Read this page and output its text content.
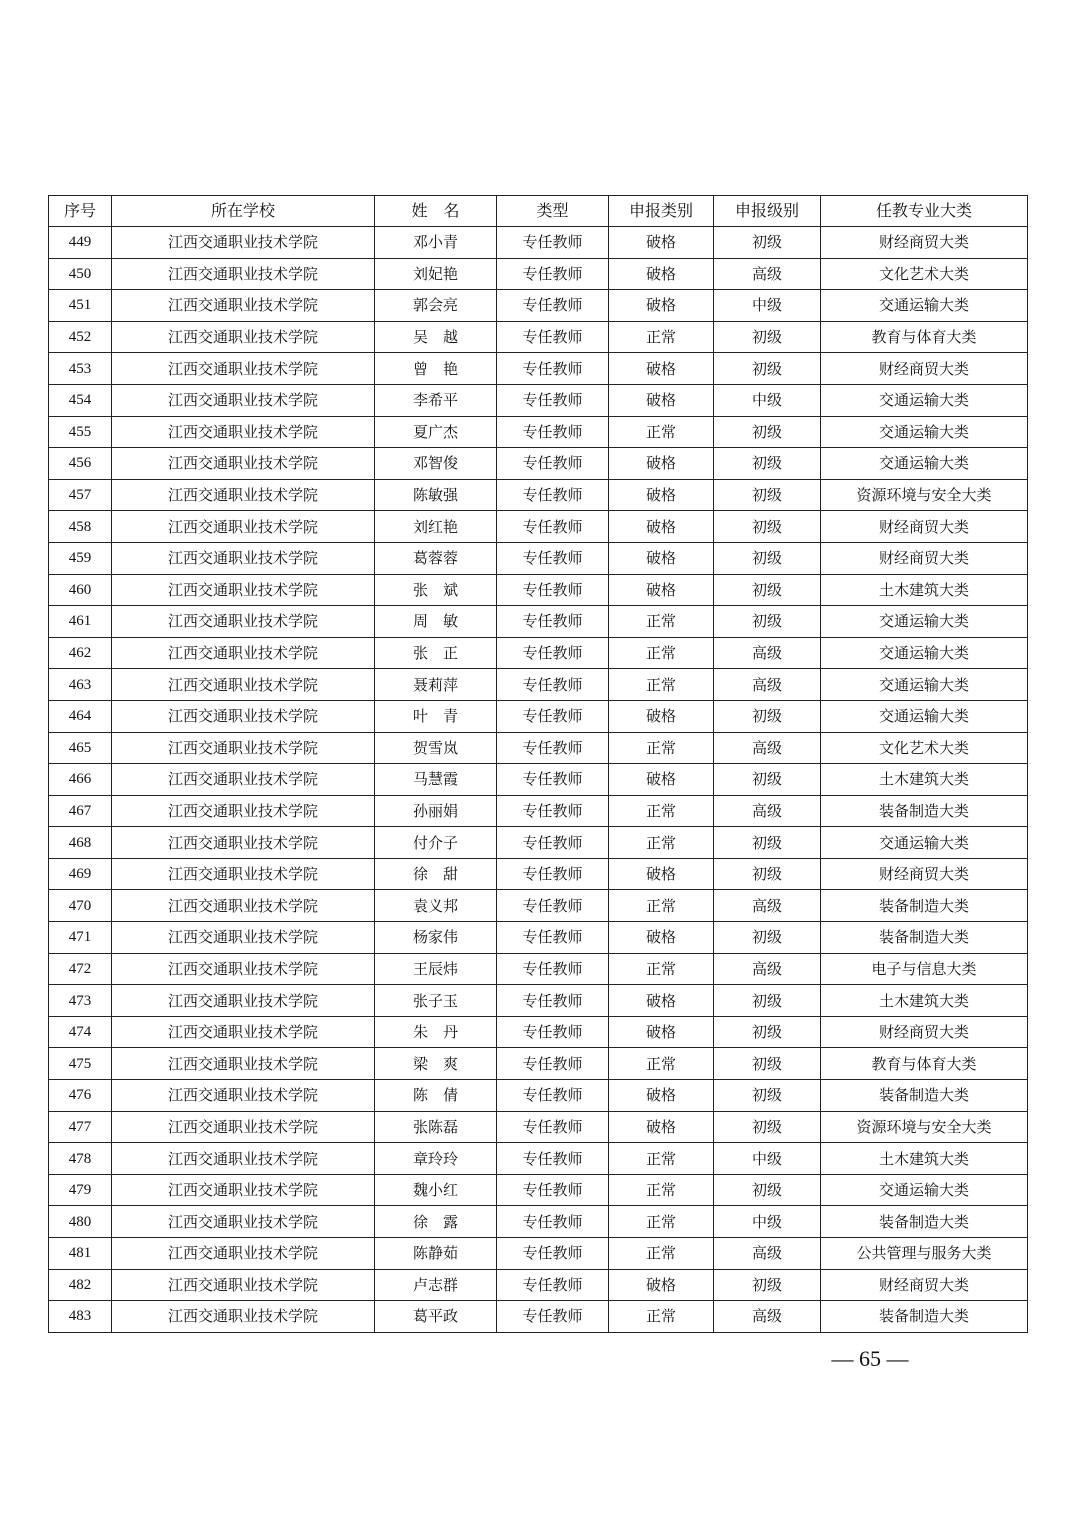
序号	所在学校	姓　名	类型	申报类别	申报级别	任教专业大类
449	江西交通职业技术学院	邓小青	专任教师	破格	初级	财经商贸大类
450	江西交通职业技术学院	刘妃艳	专任教师	破格	高级	文化艺术大类
451	江西交通职业技术学院	郭会亮	专任教师	破格	中级	交通运输大类
452	江西交通职业技术学院	吴　越	专任教师	正常	初级	教育与体育大类
453	江西交通职业技术学院	曾　艳	专任教师	破格	初级	财经商贸大类
454	江西交通职业技术学院	李希平	专任教师	破格	中级	交通运输大类
455	江西交通职业技术学院	夏广杰	专任教师	正常	初级	交通运输大类
456	江西交通职业技术学院	邓智俊	专任教师	破格	初级	交通运输大类
457	江西交通职业技术学院	陈敏强	专任教师	破格	初级	资源环境与安全大类
458	江西交通职业技术学院	刘红艳	专任教师	破格	初级	财经商贸大类
459	江西交通职业技术学院	葛蓉蓉	专任教师	破格	初级	财经商贸大类
460	江西交通职业技术学院	张　斌	专任教师	破格	初级	土木建筑大类
461	江西交通职业技术学院	周　敏	专任教师	正常	初级	交通运输大类
462	江西交通职业技术学院	张　正	专任教师	正常	高级	交通运输大类
463	江西交通职业技术学院	聂莉萍	专任教师	正常	高级	交通运输大类
464	江西交通职业技术学院	叶　青	专任教师	破格	初级	交通运输大类
465	江西交通职业技术学院	贺雪岚	专任教师	正常	高级	文化艺术大类
466	江西交通职业技术学院	马慧霞	专任教师	破格	初级	土木建筑大类
467	江西交通职业技术学院	孙丽娟	专任教师	正常	高级	装备制造大类
468	江西交通职业技术学院	付介子	专任教师	正常	初级	交通运输大类
469	江西交通职业技术学院	徐　甜	专任教师	破格	初级	财经商贸大类
470	江西交通职业技术学院	袁义邦	专任教师	正常	高级	装备制造大类
471	江西交通职业技术学院	杨家伟	专任教师	破格	初级	装备制造大类
472	江西交通职业技术学院	王辰炜	专任教师	正常	高级	电子与信息大类
473	江西交通职业技术学院	张子玉	专任教师	破格	初级	土木建筑大类
474	江西交通职业技术学院	朱　丹	专任教师	破格	初级	财经商贸大类
475	江西交通职业技术学院	梁　爽	专任教师	正常	初级	教育与体育大类
476	江西交通职业技术学院	陈　倩	专任教师	破格	初级	装备制造大类
477	江西交通职业技术学院	张陈磊	专任教师	破格	初级	资源环境与安全大类
478	江西交通职业技术学院	章玲玲	专任教师	正常	中级	土木建筑大类
479	江西交通职业技术学院	魏小红	专任教师	正常	初级	交通运输大类
480	江西交通职业技术学院	徐　露	专任教师	正常	中级	装备制造大类
481	江西交通职业技术学院	陈静茹	专任教师	正常	高级	公共管理与服务大类
482	江西交通职业技术学院	卢志群	专任教师	破格	初级	财经商贸大类
483	江西交通职业技术学院	葛平政	专任教师	正常	高级	装备制造大类
— 65 —
